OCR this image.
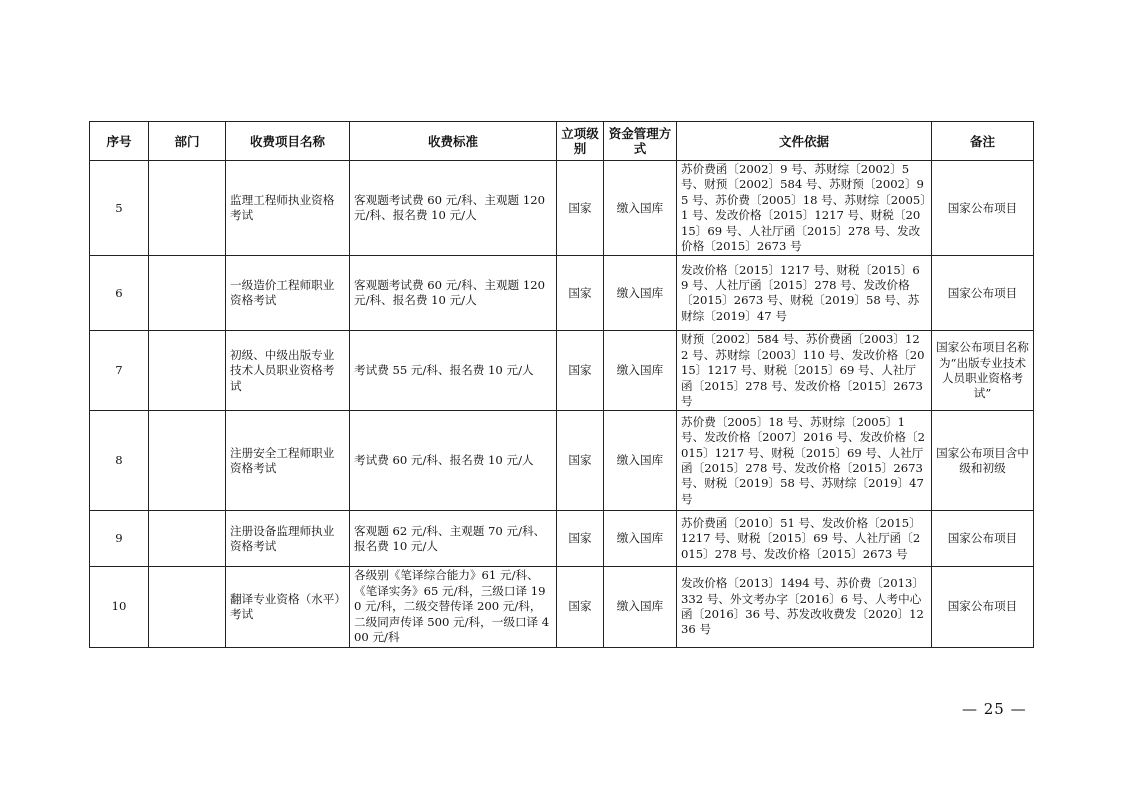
序号	部门	收费项目名称	收费标准	立项级别	资金管理方式	文件依据	备注
5		监理工程师执业资格考试	客观题考试费 60 元/科、主观题 120 元/科、报名费 10 元/人	国家	缴入国库	苏价费函〔2002〕9 号、苏财综〔2002〕5 号、财预〔2002〕584 号、苏财预〔2002〕95 号、苏价费〔2005〕18 号、苏财综〔2005〕1 号、发改价格〔2015〕1217 号、财税〔2015〕69 号、人社厅函〔2015〕278 号、发改价格〔2015〕2673 号	国家公布项目
6		一级造价工程师职业资格考试	客观题考试费 60 元/科、主观题 120 元/科、报名费 10 元/人	国家	缴入国库	发改价格〔2015〕1217 号、财税〔2015〕69 号、人社厅函〔2015〕278 号、发改价格〔2015〕2673 号、财税〔2019〕58 号、苏财综〔2019〕47 号	国家公布项目
7		初级、中级出版专业技术人员职业资格考试	考试费 55 元/科、报名费 10 元/人	国家	缴入国库	财预〔2002〕584 号、苏价费函〔2003〕122 号、苏财综〔2003〕110 号、发改价格〔2015〕1217 号、财税〔2015〕69 号、人社厅函〔2015〕278 号、发改价格〔2015〕2673 号	国家公布项目名称为“出版专业技术人员职业资格考试”
8		注册安全工程师职业资格考试	考试费 60 元/科、报名费 10 元/人	国家	缴入国库	苏价费〔2005〕18 号、苏财综〔2005〕1 号、发改价格〔2007〕2016 号、发改价格〔2015〕1217 号、财税〔2015〕69 号、人社厅函〔2015〕278 号、发改价格〔2015〕2673 号、财税〔2019〕58 号、苏财综〔2019〕47 号	国家公布项目含中级和初级
9		注册设备监理师执业资格考试	客观题 62 元/科、主观题 70 元/科、报名费 10 元/人	国家	缴入国库	苏价费函〔2010〕51 号、发改价格〔2015〕1217 号、财税〔2015〕69 号、人社厅函〔2015〕278 号、发改价格〔2015〕2673 号	国家公布项目
10		翻译专业资格（水平）考试	各级别《笔译综合能力》61 元/科、《笔译实务》65 元/科，三级口译 190 元/科，二级交替传译 200 元/科，二级同声传译 500 元/科，一级口译 400 元/科	国家	缴入国库	发改价格〔2013〕1494 号、苏价费〔2013〕332 号、外文考办字〔2016〕6 号、人考中心函〔2016〕36 号、苏发改收费发〔2020〕1236 号	国家公布项目
— 25 —
